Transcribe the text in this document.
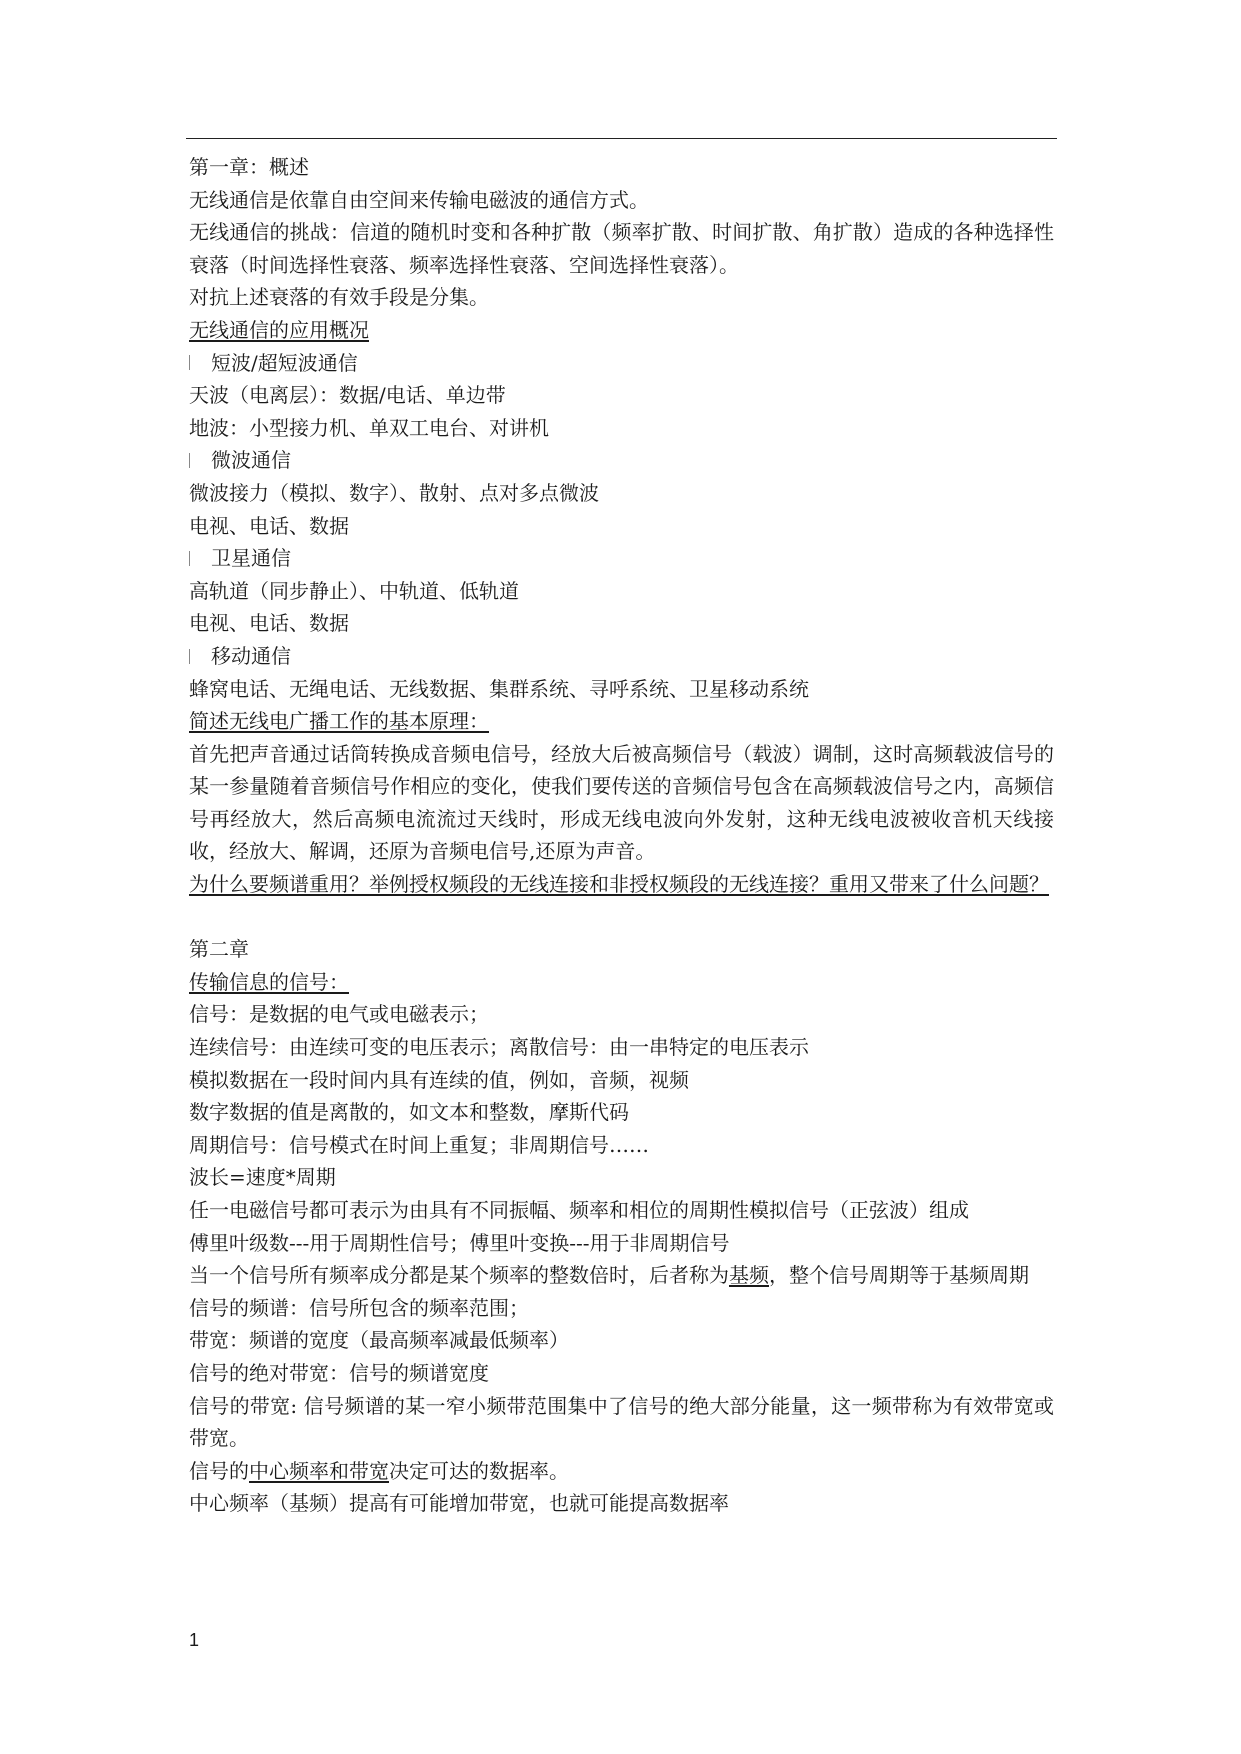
第一章：概述
无线通信是依靠自由空间来传输电磁波的通信方式。
无线通信的挑战：信道的随机时变和各种扩散（频率扩散、时间扩散、角扩散）造成的各种选择性衰落（时间选择性衰落、频率选择性衰落、空间选择性衰落）。
对抗上述衰落的有效手段是分集。
无线通信的应用概况
短波/超短波通信
天波（电离层）：数据/电话、单边带
地波：小型接力机、单双工电台、对讲机
微波通信
微波接力（模拟、数字）、散射、点对多点微波
电视、电话、数据
卫星通信
高轨道（同步静止）、中轨道、低轨道
电视、电话、数据
移动通信
蜂窝电话、无绳电话、无线数据、集群系统、寻呼系统、卫星移动系统
简述无线电广播工作的基本原理：
首先把声音通过话筒转换成音频电信号，经放大后被高频信号（载波）调制，这时高频载波信号的某一参量随着音频信号作相应的变化，使我们要传送的音频信号包含在高频载波信号之内，高频信号再经放大，然后高频电流流过天线时，形成无线电波向外发射，这种无线电波被收音机天线接收，经放大、解调，还原为音频电信号,还原为声音。
为什么要频谱重用？举例授权频段的无线连接和非授权频段的无线连接？重用又带来了什么问题？
第二章
传输信息的信号：
信号：是数据的电气或电磁表示；
连续信号：由连续可变的电压表示；离散信号：由一串特定的电压表示
模拟数据在一段时间内具有连续的值，例如，音频，视频
数字数据的值是离散的，如文本和整数，摩斯代码
周期信号：信号模式在时间上重复；非周期信号……
波长=速度*周期
任一电磁信号都可表示为由具有不同振幅、频率和相位的周期性模拟信号（正弦波）组成
傅里叶级数---用于周期性信号；傅里叶变换---用于非周期信号
当一个信号所有频率成分都是某个频率的整数倍时，后者称为基频，整个信号周期等于基频周期
信号的频谱：信号所包含的频率范围；
带宽：频谱的宽度（最高频率减最低频率）
信号的绝对带宽：信号的频谱宽度
信号的带宽: 信号频谱的某一窄小频带范围集中了信号的绝大部分能量，这一频带称为有效带宽或带宽。
信号的中心频率和带宽决定可达的数据率。
中心频率（基频）提高有可能增加带宽，也就可能提高数据率
1
